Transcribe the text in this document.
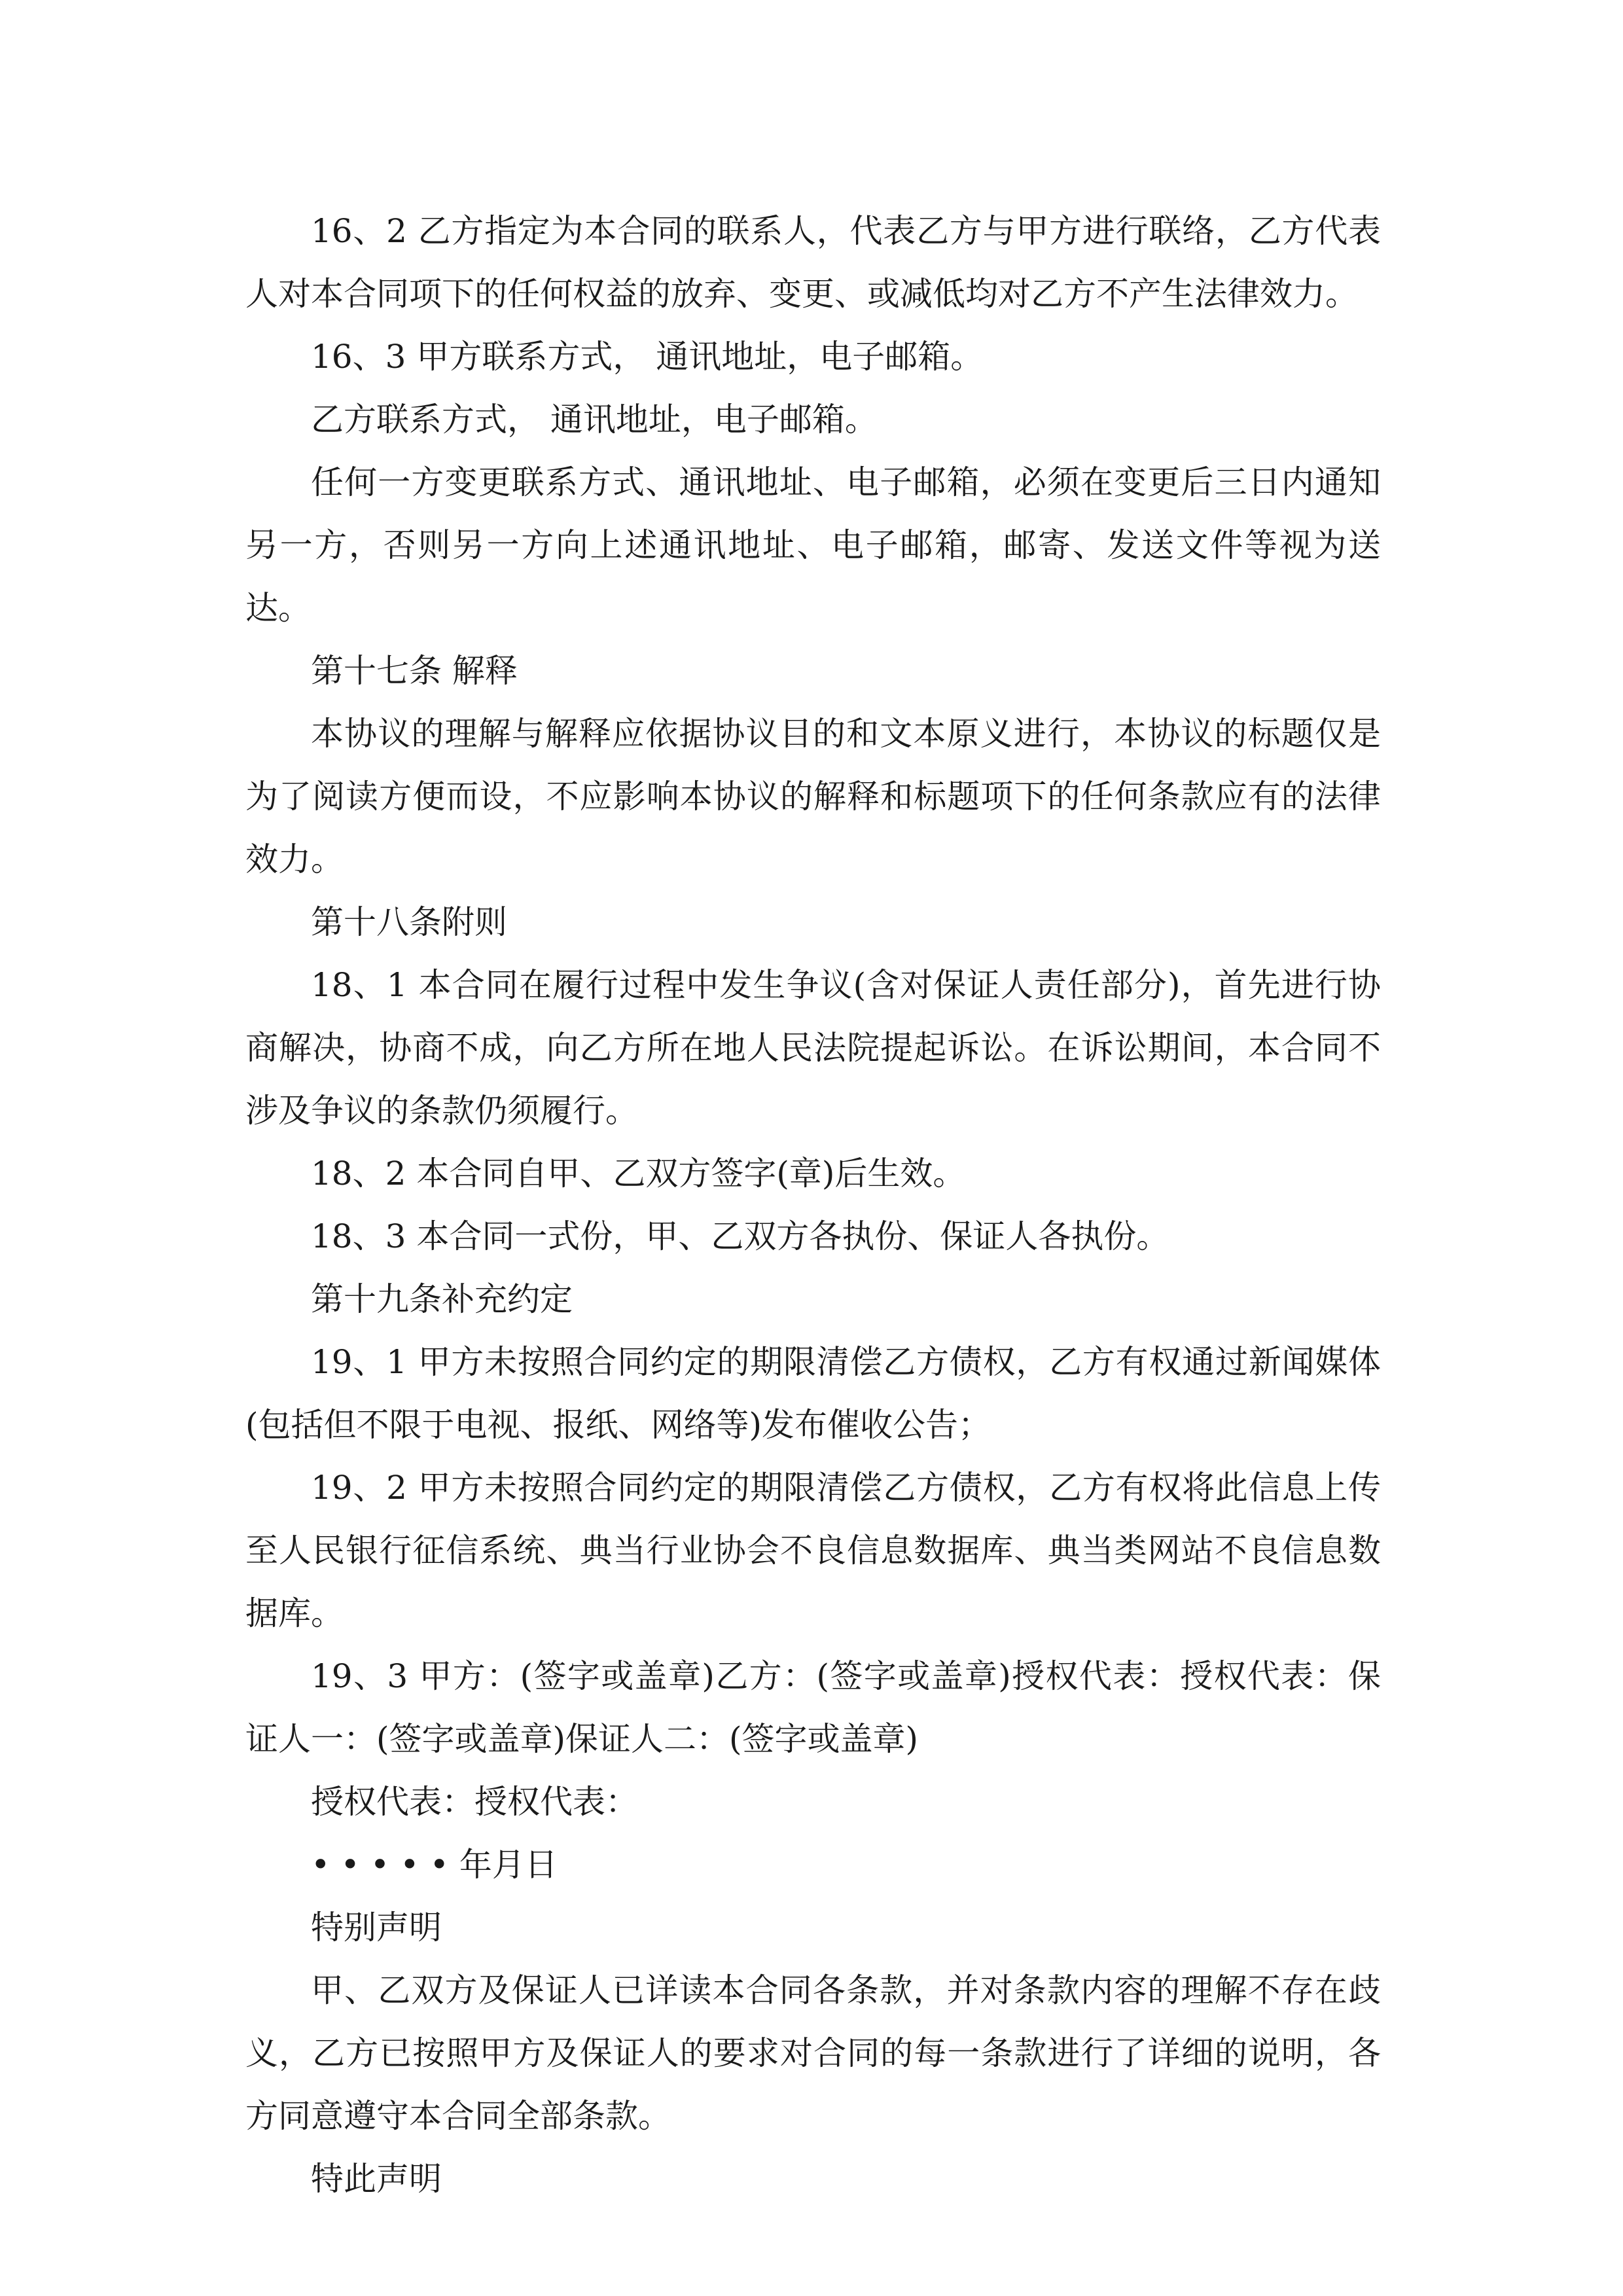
16、2 乙方指定为本合同的联系人，代表乙方与甲方进行联络，乙方代表人对本合同项下的任何权益的放弃、变更、或减低均对乙方不产生法律效力。

16、3 甲方联系方式， 通讯地址，电子邮箱。

乙方联系方式， 通讯地址，电子邮箱。

任何一方变更联系方式、通讯地址、电子邮箱，必须在变更后三日内通知另一方，否则另一方向上述通讯地址、电子邮箱，邮寄、发送文件等视为送达。

第十七条 解释

本协议的理解与解释应依据协议目的和文本原义进行，本协议的标题仅是为了阅读方便而设，不应影响本协议的解释和标题项下的任何条款应有的法律效力。

第十八条附则

18、1 本合同在履行过程中发生争议(含对保证人责任部分)，首先进行协商解决，协商不成，向乙方所在地人民法院提起诉讼。在诉讼期间，本合同不涉及争议的条款仍须履行。

18、2 本合同自甲、乙双方签字(章)后生效。

18、3 本合同一式份，甲、乙双方各执份、保证人各执份。

第十九条补充约定

19、1 甲方未按照合同约定的期限清偿乙方债权，乙方有权通过新闻媒体(包括但不限于电视、报纸、网络等)发布催收公告；

19、2 甲方未按照合同约定的期限清偿乙方债权，乙方有权将此信息上传至人民银行征信系统、典当行业协会不良信息数据库、典当类网站不良信息数据库。

19、3 甲方：(签字或盖章)乙方：(签字或盖章)授权代表：授权代表：保证人一：(签字或盖章)保证人二：(签字或盖章)

授权代表：授权代表：

• • • • • 年月日

特别声明

甲、乙双方及保证人已详读本合同各条款，并对条款内容的理解不存在歧义，乙方已按照甲方及保证人的要求对合同的每一条款进行了详细的说明，各方同意遵守本合同全部条款。

特此声明
